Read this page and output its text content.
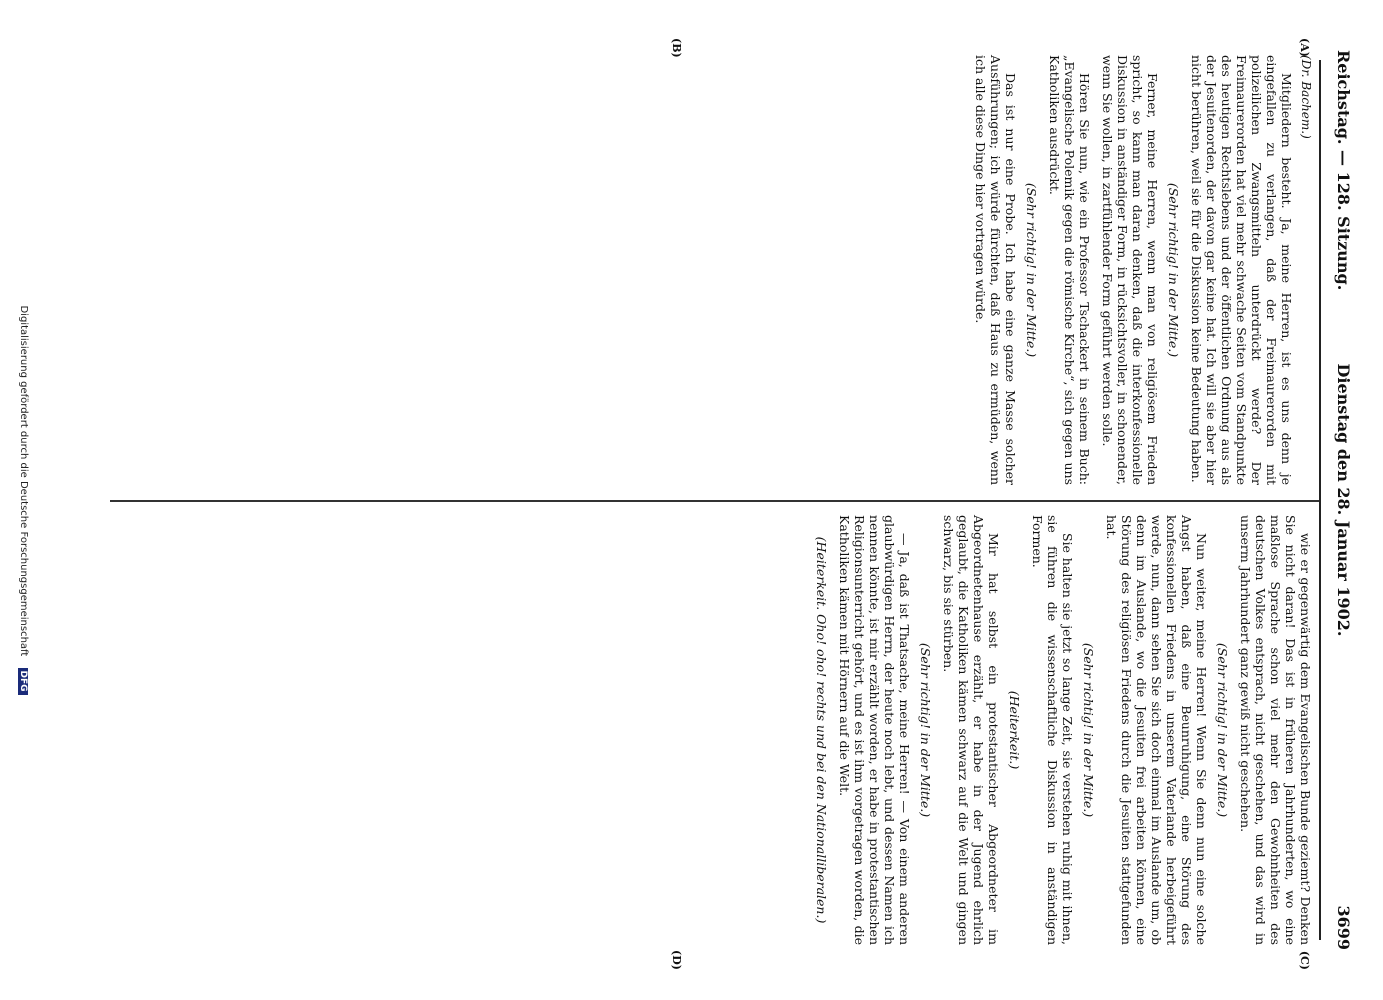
Reichstag. — 128. Sitzung.
Dienstag den 28. Januar 1902.
3699
(A)
(B)
(C)
(D)
(Dr. Bachem.)

Mitgliedern besteht. Ja, meine Herren, ist es uns denn je eingefallen zu verlangen, daß der Freimaurerorden mit polizeilichen Zwangsmitteln unterdrückt werde? Der Freimaurerorden hat viel mehr schwache Seiten vom Standpunkte des heutigen Rechtslebens und der öffentlichen Ordnung aus als der Jesuitenorden, der davon gar keine hat. Ich will sie aber hier nicht berühren, weil sie für die Diskussion keine Bedeutung haben.

(Sehr richtig! in der Mitte.)

Ferner, meine Herren, wenn man von religiösem Frieden spricht, so kann man daran denken, daß die interkonfessionelle Diskussion in anständiger Form, in rücksichtsvoller, in schonender, wenn Sie wollen, in zartfühlender Form geführt werden solle.

Hören Sie nun, wie ein Professor Tschackert in seinem Buch: „Evangelische Polemik gegen die römische Kirche“, sich gegen uns Katholiken ausdrückt.

(Sehr richtig! in der Mitte.)

Das ist nur eine Probe. Ich habe eine ganze Masse solcher Ausführungen; ich würde fürchten, daß Haus zu ermüden, wenn ich alle diese Dinge hier vortragen würde.

wie er gegenwärtig dem Evangelischen Bunde geziemt? Denken Sie nicht daran! Das ist in früheren Jahrhunderten, wo eine maßlose Sprache schon viel mehr den Gewohnheiten des deutschen Volkes entsprach, nicht geschehen, und das wird in unserm Jahrhundert ganz gewiß nicht geschehen.

(Sehr richtig! in der Mitte.)

Nun weiter, meine Herren! Wenn Sie denn nun eine solche Angst haben, daß eine Beunruhigung, eine Störung des konfessionellen Friedens in unserem Vaterlande herbeigeführt werde, nun, dann sehen Sie sich doch einmal im Auslande um, ob denn im Auslande, wo die Jesuiten frei arbeiten können, eine Störung des religiösen Friedens durch die Jesuiten stattgefunden hat.

(Sehr richtig! in der Mitte.)

Sie halten sie jetzt so lange Zeit, sie verstehen ruhig mit ihnen, sie führen die wissenschaftliche Diskussion in anständigen Formen.

(Heiterkeit.)

Mir hat selbst ein protestantischer Abgeordneter im Abgeordnetenhause erzählt, er habe in der Jugend ehrlich geglaubt, die Katholiken kämen schwarz auf die Welt und gingen schwarz, bis sie stürben.

(Sehr richtig! in der Mitte.)

— Ja, daß ist Thatsache, meine Herren! — Von einem anderen glaubwürdigen Herrn, der heute noch lebt, und dessen Namen ich nennen könnte, ist mir erzählt worden, er habe in protestantischen Religionsunterricht gehört, und es ist ihm vorgetragen worden, die Katholiken kämen mit Hörnern auf die Welt.

(Heiterkeit. Oho! oho! rechts und bei den Nationalliberalen.)
Digitalisierung gefördert durch die Deutsche Forschungsgemeinschaft DFG
